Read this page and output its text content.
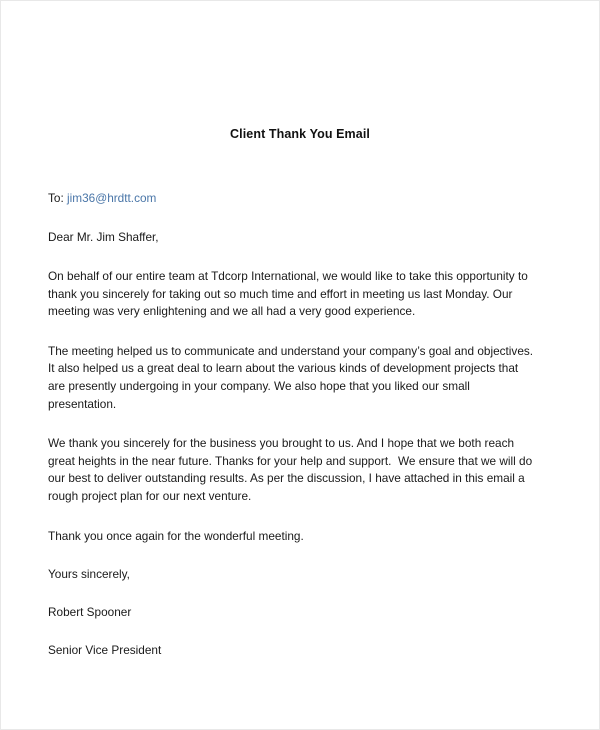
Client Thank You Email

To: jim36@hrdtt.com

Dear Mr. Jim Shaffer,

On behalf of our entire team at Tdcorp International, we would like to take this opportunity to thank you sincerely for taking out so much time and effort in meeting us last Monday. Our meeting was very enlightening and we all had a very good experience.

The meeting helped us to communicate and understand your company’s goal and objectives. It also helped us a great deal to learn about the various kinds of development projects that are presently undergoing in your company. We also hope that you liked our small presentation.

We thank you sincerely for the business you brought to us. And I hope that we both reach great heights in the near future. Thanks for your help and support.  We ensure that we will do our best to deliver outstanding results. As per the discussion, I have attached in this email a rough project plan for our next venture.

Thank you once again for the wonderful meeting.

Yours sincerely,

Robert Spooner

Senior Vice President
